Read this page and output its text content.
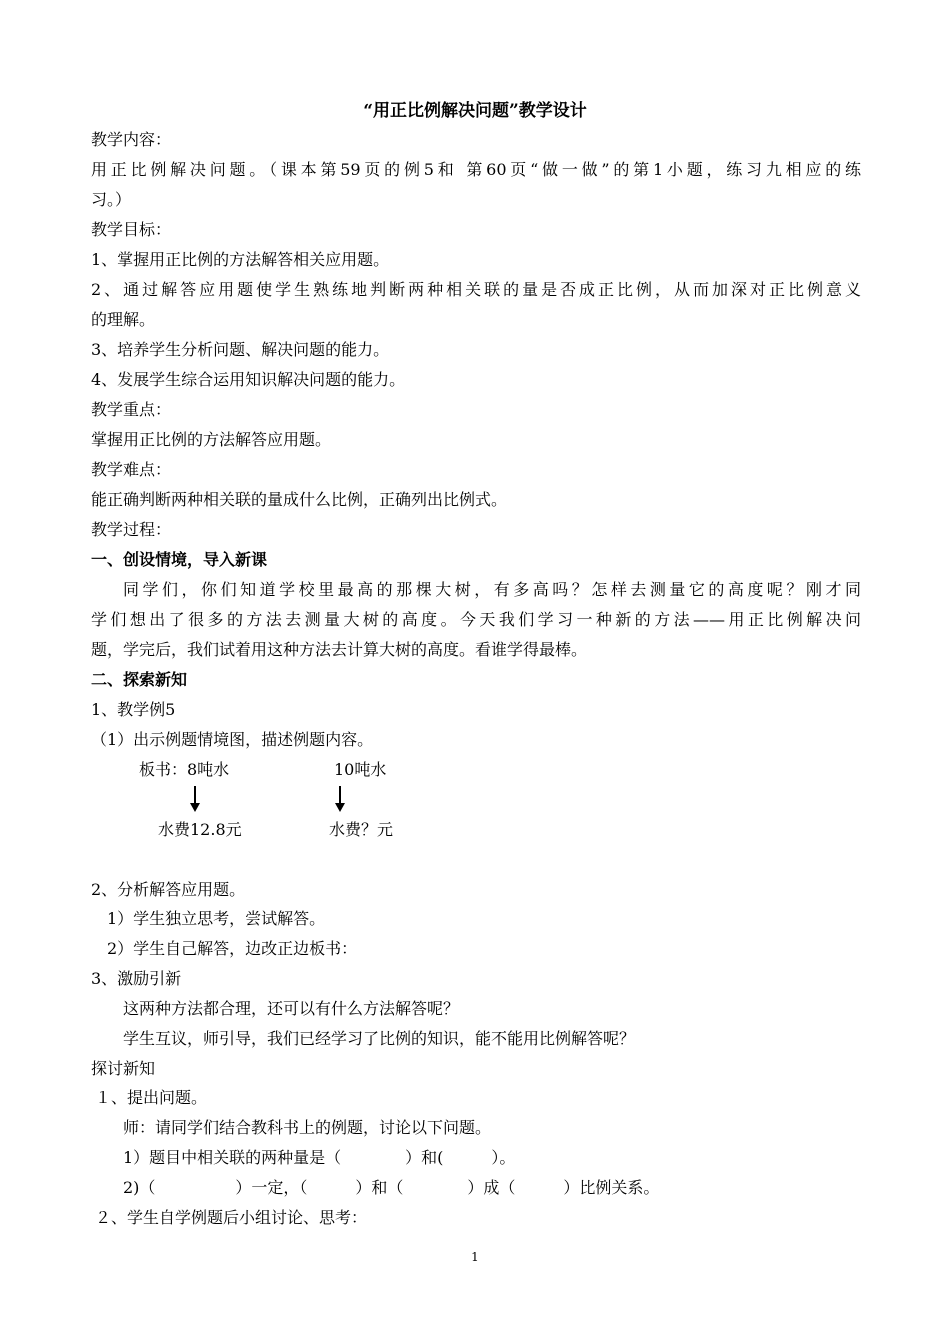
“用正比例解决问题”教学设计
教学内容：
用正比例解决问题。（课本第59页的例5和 第60页“做一做”的第1小题，练习九相应的练
习。）
教学目标：
1、掌握用正比例的方法解答相关应用题。
2、通过解答应用题使学生熟练地判断两种相关联的量是否成正比例，从而加深对正比例意义
的理解。
3、培养学生分析问题、解决问题的能力。
4、发展学生综合运用知识解决问题的能力。
教学重点：
掌握用正比例的方法解答应用题。
教学难点：
能正确判断两种相关联的量成什么比例，正确列出比例式。
教学过程：
一、创设情境，导入新课
同学们，你们知道学校里最高的那棵大树，有多高吗？怎样去测量它的高度呢？刚才同
学们想出了很多的方法去测量大树的高度。今天我们学习一种新的方法——用正比例解决问
题，学完后，我们试着用这种方法去计算大树的高度。看谁学得最棒。
二、探索新知
1、教学例5
（1）出示例题情境图，描述例题内容。
板书：8吨水	10吨水
水费12.8元	水费？元
2、分析解答应用题。
1）学生独立思考，尝试解答。
2）学生自己解答，边改正边板书：
3、激励引新
这两种方法都合理，还可以有什么方法解答呢？
学生互议，师引导，我们已经学习了比例的知识，能不能用比例解答呢？
探讨新知
１、提出问题。
师：请同学们结合教科书上的例题，讨论以下问题。
1）题目中相关联的两种量是（　　　　）和(　　　）。
2)（　　　　　）一定，（　　　）和（　　　　）成（　　　）比例关系。
２、学生自学例题后小组讨论、思考：
1
